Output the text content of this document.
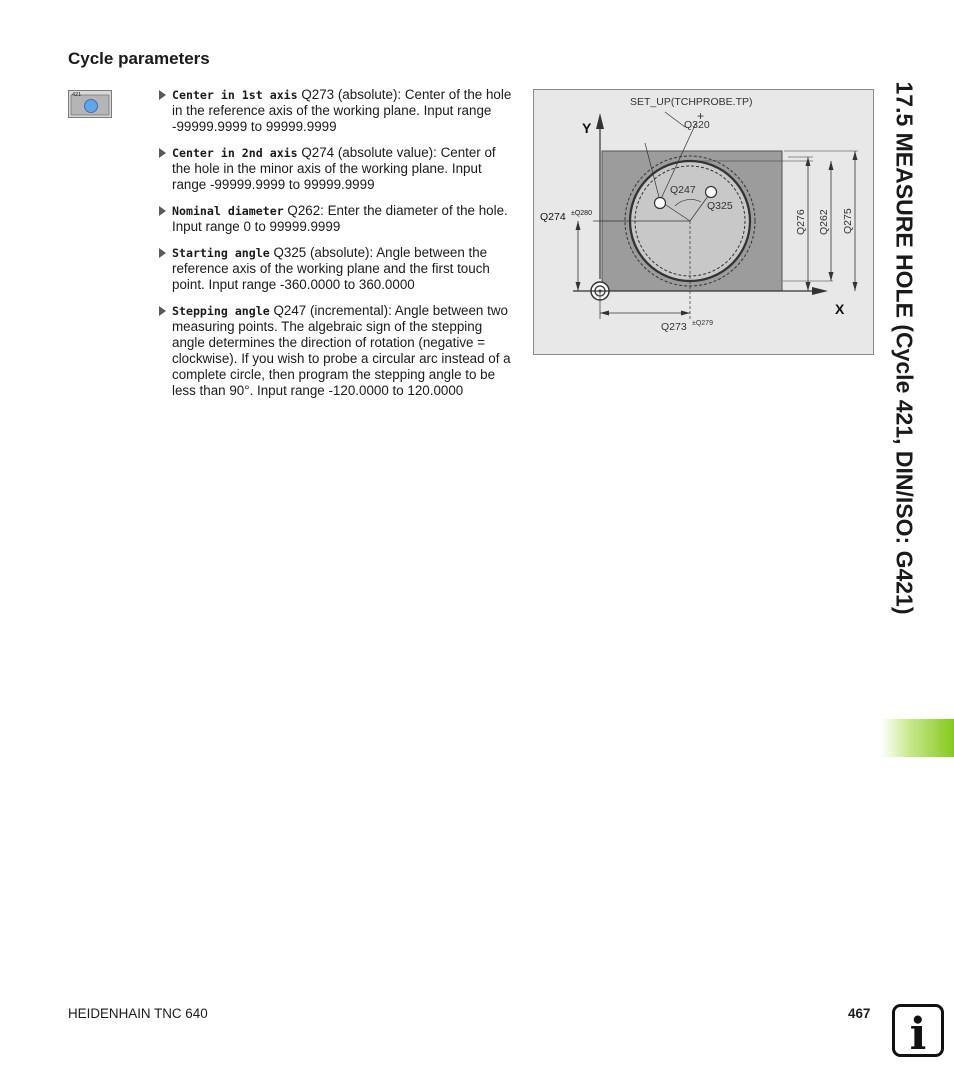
Cycle parameters
421	Center in 1st axis Q273 (absolute): Center of the hole in the reference axis of the working plane. Input range -99999.9999 to 99999.9999
Center in 2nd axis Q274 (absolute value): Center of the hole in the minor axis of the working plane. Input range -99999.9999 to 99999.9999
Nominal diameter Q262: Enter the diameter of the hole. Input range 0 to 99999.9999
Starting angle Q325 (absolute): Angle between the reference axis of the working plane and the first touch point. Input range -360.0000 to 360.0000
Stepping angle Q247 (incremental): Angle between two measuring points. The algebraic sign of the stepping angle determines the direction of rotation (negative = clockwise). If you wish to probe a circular arc instead of a complete circle, then program the stepping angle to be less than 90°. Input range -120.0000 to 120.0000
SET_UP(TCHPROBE.TP)
+
Q320
Q247
Q325
Q274 ±Q280
Q273 ±Q279
Q276 Q262 Q275
Y
X 17.5 MEASURE HOLE (Cycle 421, DIN/ISO: G421)
HEIDENHAIN TNC 640	467 i
